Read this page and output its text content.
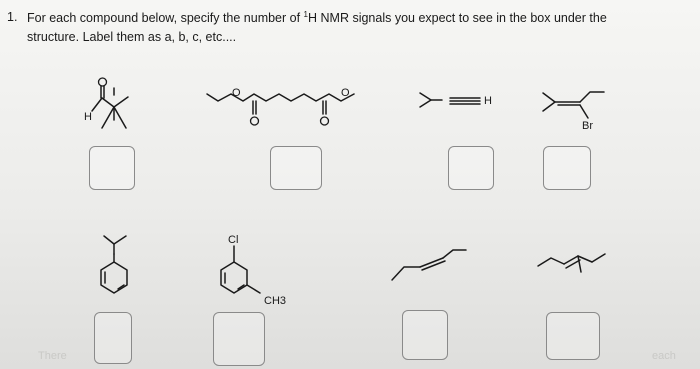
1. For each compound below, specify the number of $^1$H NMR signals you expect to see in the box under the
structure. Label them as a, b, c, etc....
There	each
H
O	O
H
Br
Cl
CH3
